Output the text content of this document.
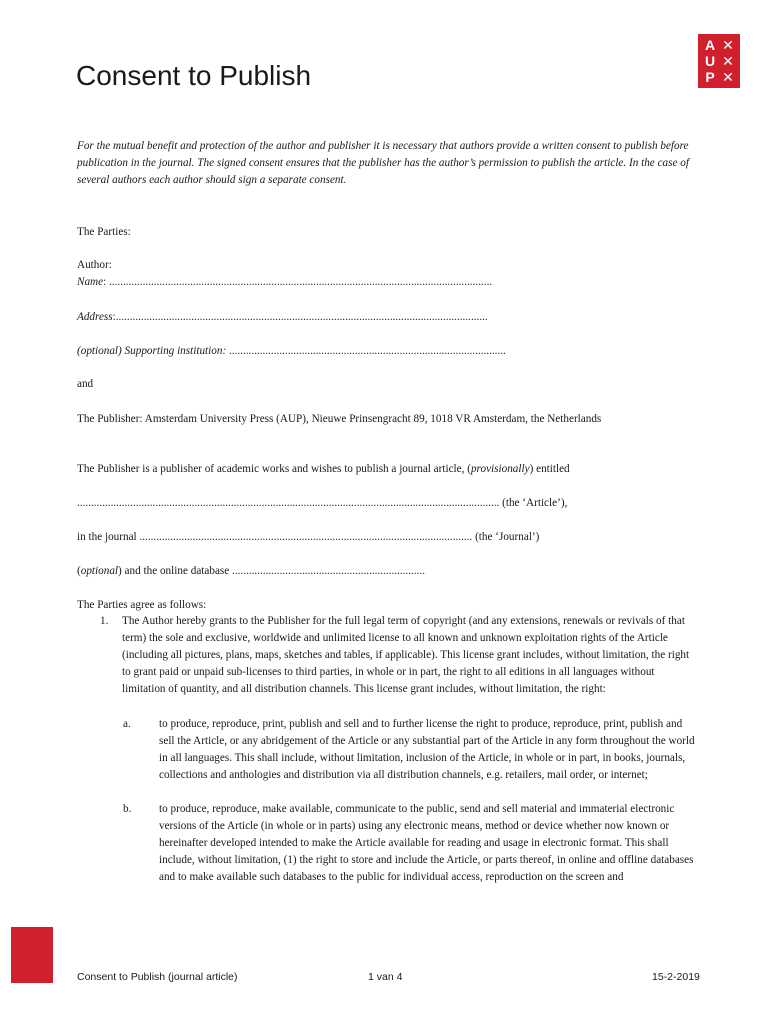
A ✕
U ✕
P ✕
Consent to Publish
For the mutual benefit and protection of the author and publisher it is necessary that authors provide a written consent to publish before publication in the journal. The signed consent ensures that the publisher has the author’s permission to publish the article. In the case of several authors each author should sign a separate consent.
The Parties:
Author:
Name: .........................................................................................................................................
Address:.....................................................................................................................................
(optional) Supporting institution: ...................................................................................................
and
The Publisher: Amsterdam University Press (AUP), Nieuwe Prinsengracht 89, 1018 VR Amsterdam, the Netherlands
The Publisher is a publisher of academic works and wishes to publish a journal article, (provisionally) entitled
....................................................................................................................................................... (the ‘Article’),
in the journal ....................................................................................................................... (the ‘Journal’)
(optional) and the online database .....................................................................
The Parties agree as follows:
1. The Author hereby grants to the Publisher for the full legal term of copyright (and any extensions, renewals or revivals of that term) the sole and exclusive, worldwide and unlimited license to all known and unknown exploitation rights of the Article (including all pictures, plans, maps, sketches and tables, if applicable). This license grant includes, without limitation, the right to grant paid or unpaid sub-licenses to third parties, in whole or in part, the right to all editions in all languages without limitation of quantity, and all distribution channels. This license grant includes, without limitation, the right:
a.	to produce, reproduce, print, publish and sell and to further license the right to produce, reproduce, print, publish and sell the Article, or any abridgement of the Article or any substantial part of the Article in any form throughout the world in all languages. This shall include, without limitation, inclusion of the Article, in whole or in part, in books, journals, collections and anthologies and distribution via all distribution channels, e.g. retailers, mail order, or internet;
b. to produce, reproduce, make available, communicate to the public, send and sell material and immaterial electronic versions of the Article (in whole or in parts) using any electronic means, method or device whether now known or hereinafter developed intended to make the Article available for reading and usage in electronic format. This shall include, without limitation, (1) the right to store and include the Article, or parts thereof, in online and offline databases and to make available such databases to the public for individual access, reproduction on the screen and
Consent to Publish (journal article)	1 van 4	15-2-2019
